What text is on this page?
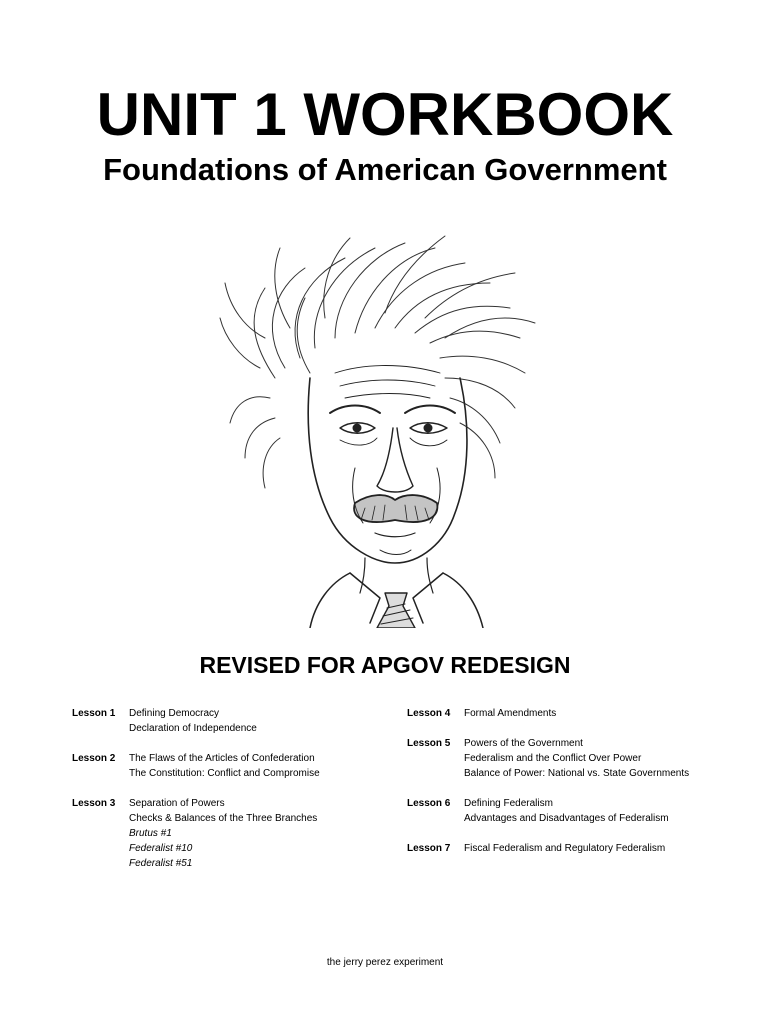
UNIT 1 WORKBOOK
Foundations of American Government
REVISED FOR APGOV REDESIGN
Lesson 1	Defining Democracy
Declaration of Independence
Lesson 2	The Flaws of the Articles of Confederation
The Constitution: Conflict and Compromise
Lesson 3	Separation of Powers
Checks & Balances of the Three Branches
Brutus #1
Federalist #10
Federalist #51
Lesson 4	Formal Amendments
Lesson 5	Powers of the Government
Federalism and the Conflict Over Power
Balance of Power: National vs. State Governments
Lesson 6	Defining Federalism
Advantages and Disadvantages of Federalism
Lesson 7	Fiscal Federalism and Regulatory Federalism
the jerry perez experiment
